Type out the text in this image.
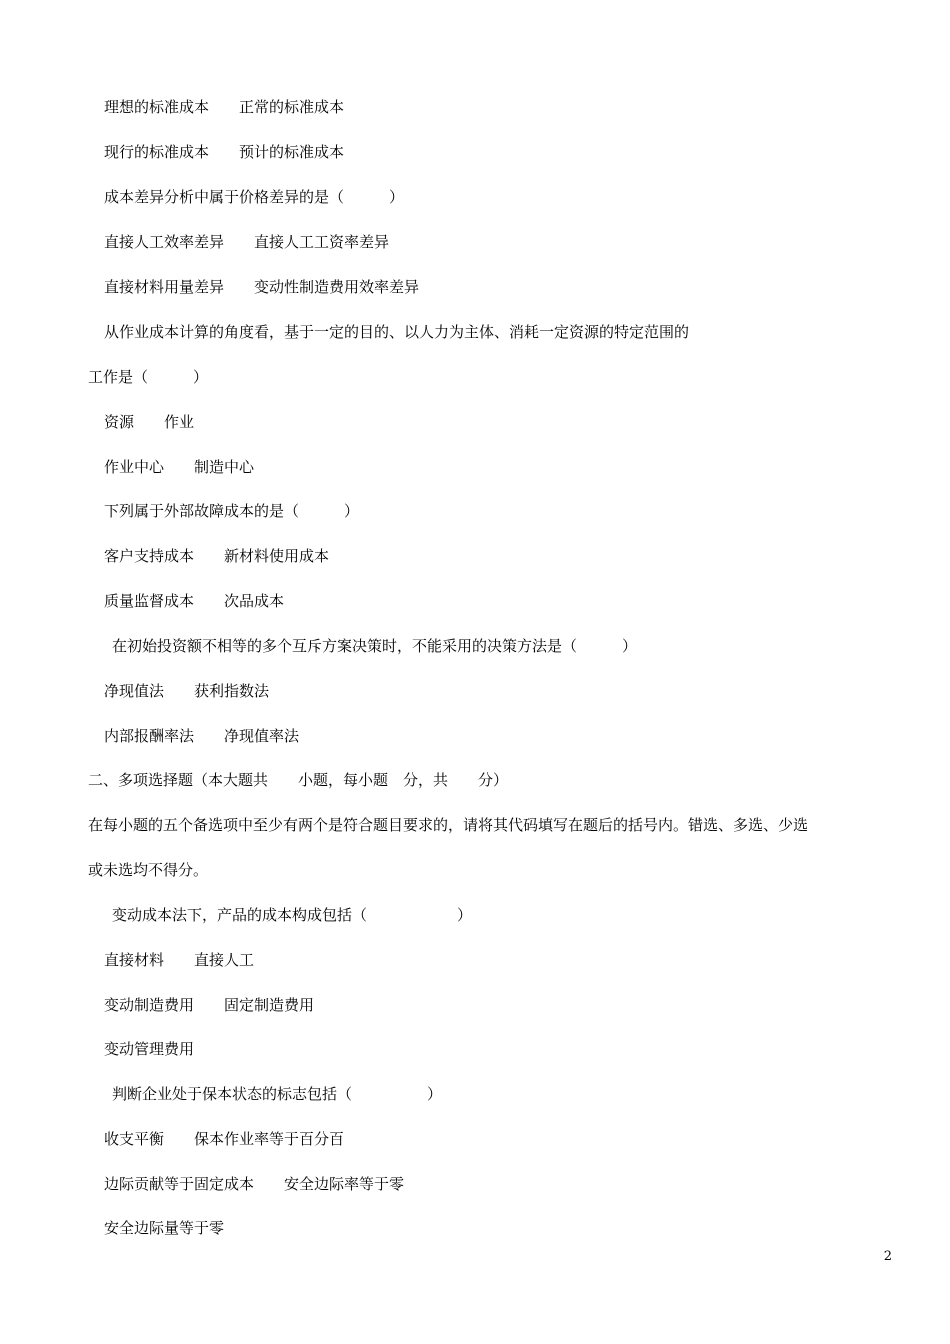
理想的标准成本　　正常的标准成本
现行的标准成本　　预计的标准成本
成本差异分析中属于价格差异的是（　　　）
直接人工效率差异　　直接人工工资率差异
直接材料用量差异　　变动性制造费用效率差异
从作业成本计算的角度看，基于一定的目的、以人力为主体、消耗一定资源的特定范围的
工作是（　　　）
资源　　作业
作业中心　　制造中心
下列属于外部故障成本的是（　　　）
客户支持成本　　新材料使用成本
质量监督成本　　次品成本
在初始投资额不相等的多个互斥方案决策时，不能采用的决策方法是（　　　）
净现值法　　获利指数法
内部报酬率法　　净现值率法
二、多项选择题（本大题共　　小题，每小题　分，共　　分）
在每小题的五个备选项中至少有两个是符合题目要求的，请将其代码填写在题后的括号内。错选、多选、少选
或未选均不得分。
变动成本法下，产品的成本构成包括（　　　　　　）
直接材料　　直接人工
变动制造费用　　固定制造费用
变动管理费用
判断企业处于保本状态的标志包括（　　　　　）
收支平衡　　保本作业率等于百分百
边际贡献等于固定成本　　安全边际率等于零
安全边际量等于零
2
